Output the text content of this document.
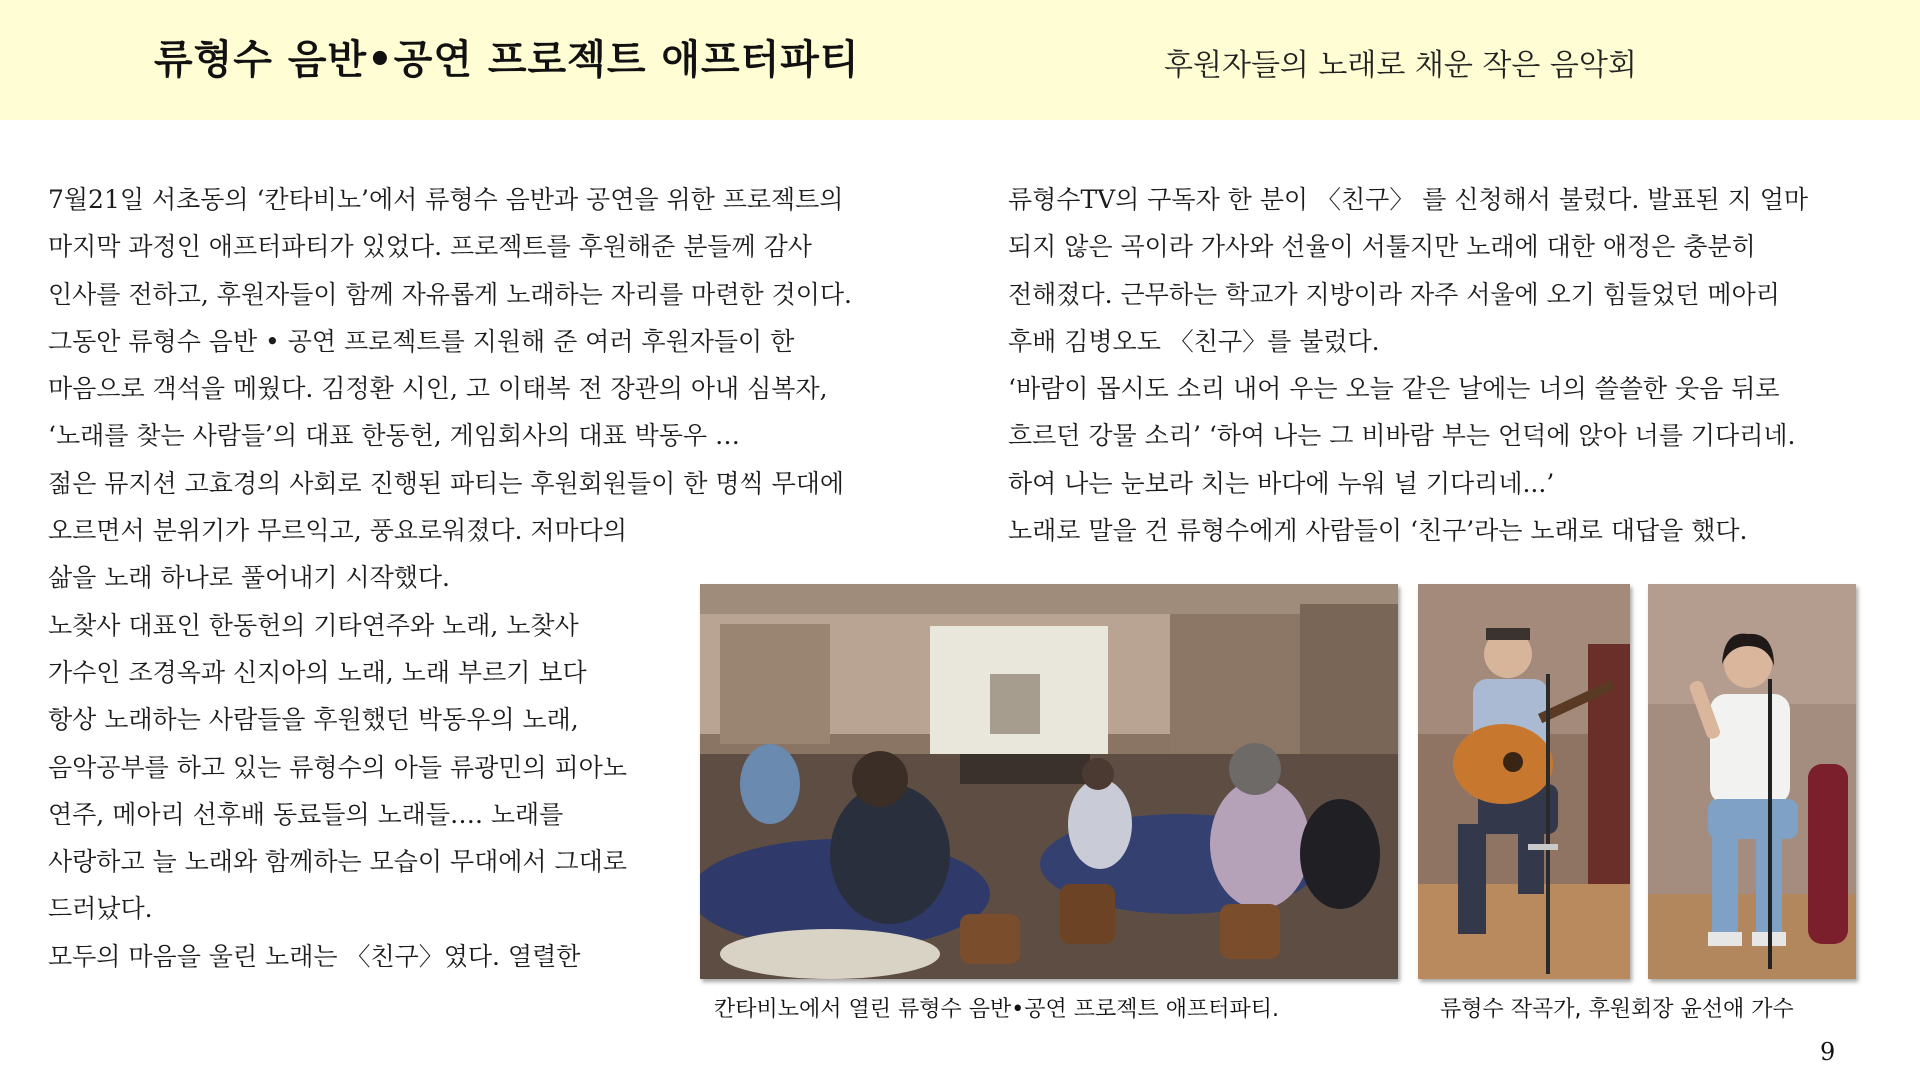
류형수 음반•공연 프로젝트 애프터파티	후원자들의 노래로 채운 작은 음악회
7월21일 서초동의 ‘칸타비노’에서 류형수 음반과 공연을 위한 프로젝트의
마지막 과정인 애프터파티가 있었다. 프로젝트를 후원해준 분들께 감사
인사를 전하고, 후원자들이 함께 자유롭게 노래하는 자리를 마련한 것이다.
그동안 류형수 음반 • 공연 프로젝트를 지원해 준 여러 후원자들이 한
마음으로 객석을 메웠다. 김정환 시인, 고 이태복 전 장관의 아내 심복자,
‘노래를 찾는 사람들’의 대표 한동헌, 게임회사의 대표 박동우 …
젊은 뮤지션 고효경의 사회로 진행된 파티는 후원회원들이 한 명씩 무대에
오르면서 분위기가 무르익고, 풍요로워졌다. 저마다의
삶을 노래 하나로 풀어내기 시작했다.
노찾사 대표인 한동헌의 기타연주와 노래, 노찾사
가수인 조경옥과 신지아의 노래, 노래 부르기 보다
항상 노래하는 사람들을 후원했던 박동우의 노래,
음악공부를 하고 있는 류형수의 아들 류광민의 피아노
연주, 메아리 선후배 동료들의 노래들…. 노래를
사랑하고 늘 노래와 함께하는 모습이 무대에서 그대로
드러났다.
모두의 마음을 울린 노래는 〈친구〉였다. 열렬한
류형수TV의 구독자 한 분이 〈친구〉 를 신청해서 불렀다. 발표된 지 얼마
되지 않은 곡이라 가사와 선율이 서툴지만 노래에 대한 애정은 충분히
전해졌다. 근무하는 학교가 지방이라 자주 서울에 오기 힘들었던 메아리
후배 김병오도 〈친구〉를 불렀다.
‘바람이 몹시도 소리 내어 우는 오늘 같은 날에는 너의 쓸쓸한 웃음 뒤로
흐르던 강물 소리’ ‘하여 나는 그 비바람 부는 언덕에 앉아 너를 기다리네.
하여 나는 눈보라 치는 바다에 누워 널 기다리네...’
노래로 말을 건 류형수에게 사람들이 ‘친구’라는 노래로 대답을 했다.
칸타비노에서 열린 류형수 음반•공연 프로젝트 애프터파티.	류형수 작곡가, 후원회장 윤선애 가수
9
